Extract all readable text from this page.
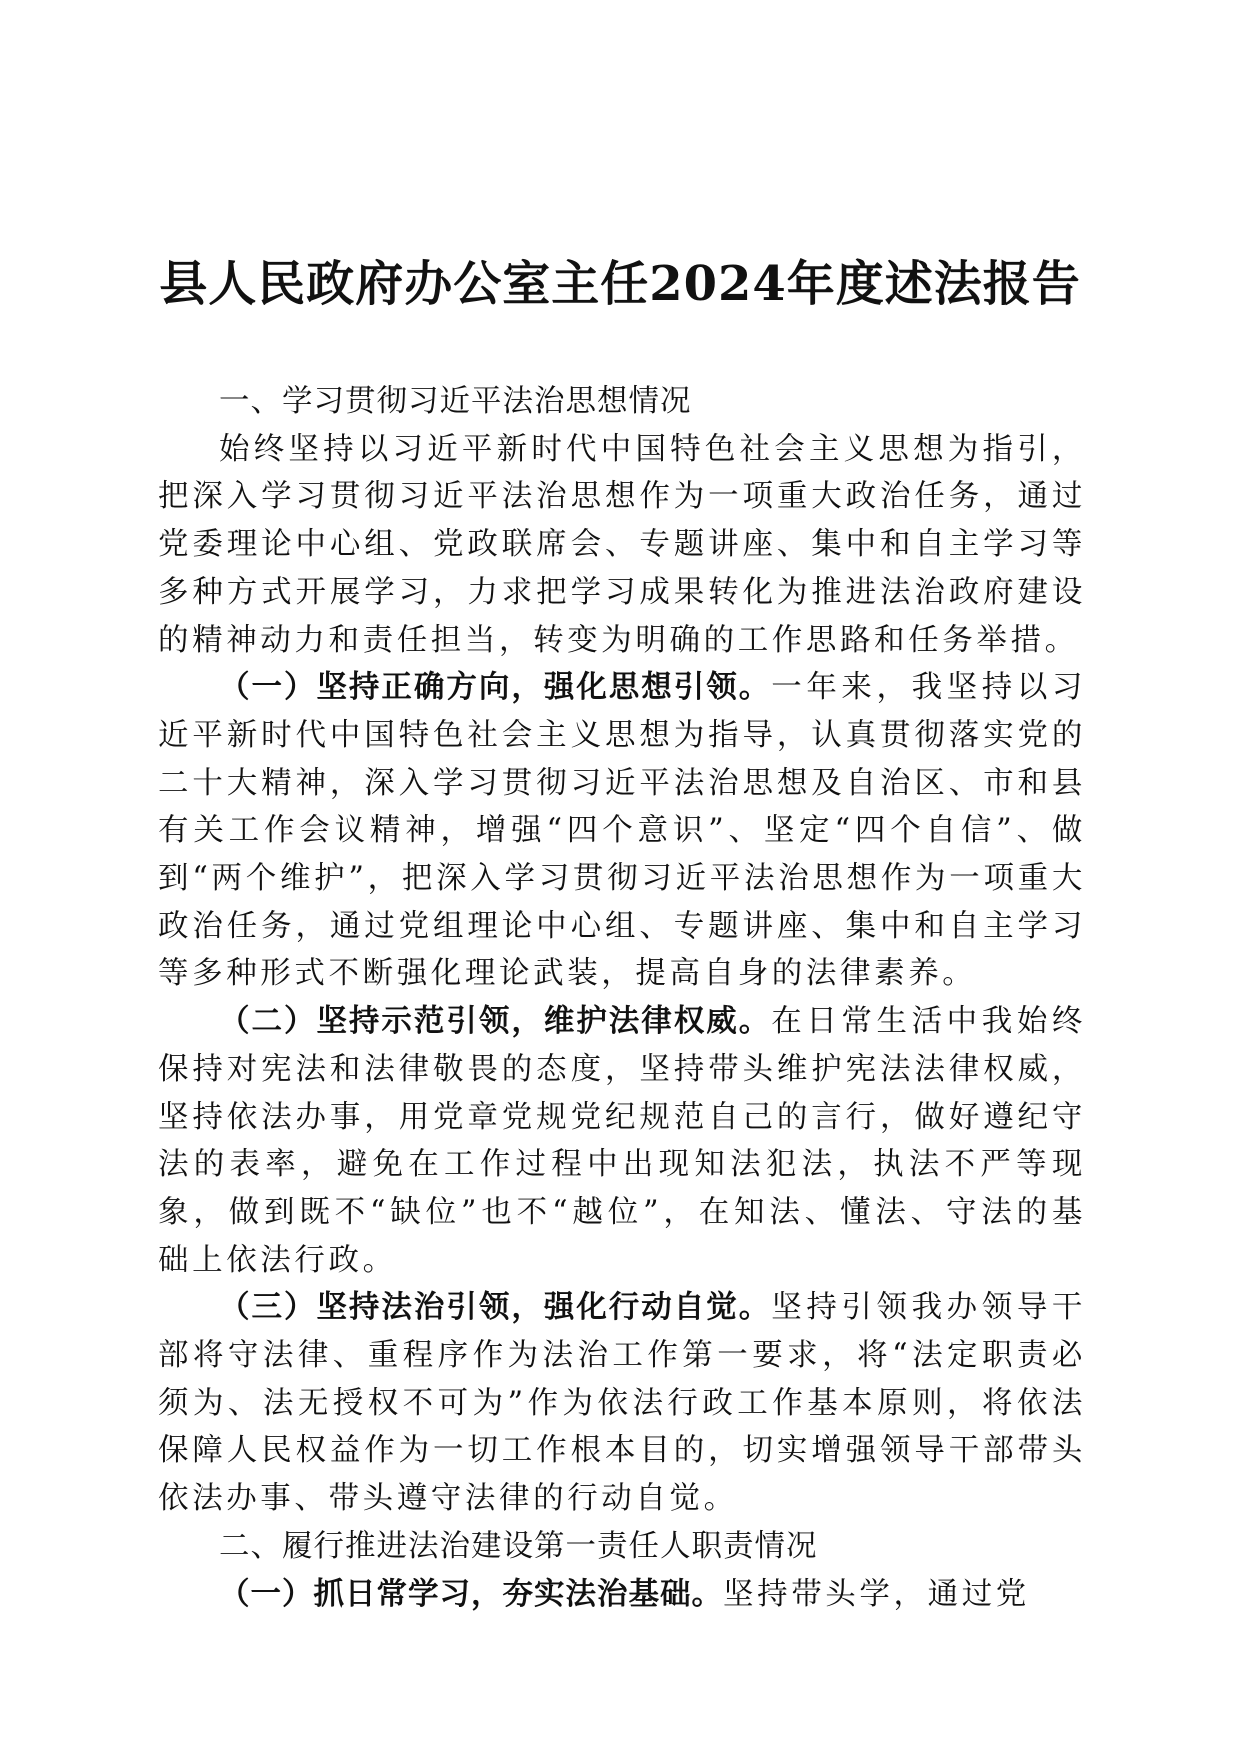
县人民政府办公室主任2024年度述法报告

一、学习贯彻习近平法治思想情况

始终坚持以习近平新时代中国特色社会主义思想为指引，把深入学习贯彻习近平法治思想作为一项重大政治任务，通过党委理论中心组、党政联席会、专题讲座、集中和自主学习等多种方式开展学习，力求把学习成果转化为推进法治政府建设的精神动力和责任担当，转变为明确的工作思路和任务举措。

（一）坚持正确方向，强化思想引领。一年来，我坚持以习近平新时代中国特色社会主义思想为指导，认真贯彻落实党的二十大精神，深入学习贯彻习近平法治思想及自治区、市和县有关工作会议精神，增强“四个意识”、坚定“四个自信”、做到“两个维护”，把深入学习贯彻习近平法治思想作为一项重大政治任务，通过党组理论中心组、专题讲座、集中和自主学习等多种形式不断强化理论武装，提高自身的法律素养。

（二）坚持示范引领，维护法律权威。在日常生活中我始终保持对宪法和法律敬畏的态度，坚持带头维护宪法法律权威，坚持依法办事，用党章党规党纪规范自己的言行，做好遵纪守法的表率，避免在工作过程中出现知法犯法，执法不严等现象，做到既不“缺位”也不“越位”，在知法、懂法、守法的基础上依法行政。

（三）坚持法治引领，强化行动自觉。坚持引领我办领导干部将守法律、重程序作为法治工作第一要求，将“法定职责必须为、法无授权不可为”作为依法行政工作基本原则，将依法保障人民权益作为一切工作根本目的，切实增强领导干部带头依法办事、带头遵守法律的行动自觉。

二、履行推进法治建设第一责任人职责情况

（一）抓日常学习，夯实法治基础。坚持带头学，通过党
